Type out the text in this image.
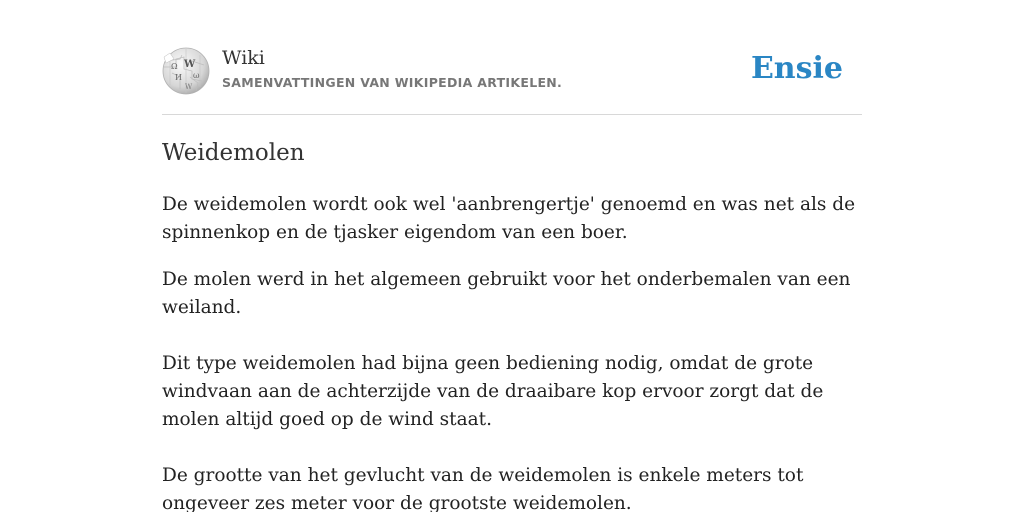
W
Ω
И ω
W
Wiki
SAMENVATTINGEN VAN WIKIPEDIA ARTIKELEN.	Ensie
Weidemolen

De weidemolen wordt ook wel 'aanbrengertje' genoemd en was net als de spinnenkop en de tjasker eigendom van een boer.

De molen werd in het algemeen gebruikt voor het onderbemalen van een weiland.

Dit type weidemolen had bijna geen bediening nodig, omdat de grote windvaan aan de achterzijde van de draaibare kop ervoor zorgt dat de molen altijd goed op de wind staat.

De grootte van het gevlucht van de weidemolen is enkele meters tot ongeveer zes meter voor de grootste weidemolen.
